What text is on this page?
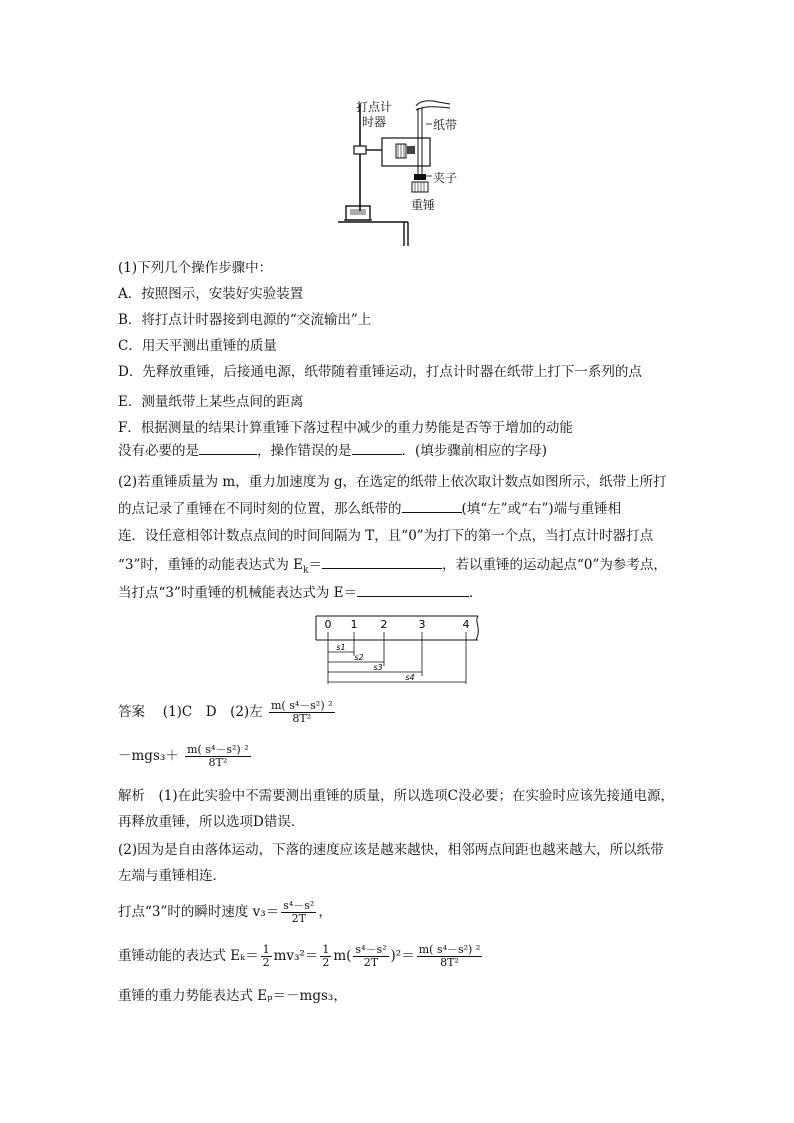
打点计
时器	纸带
夹子
重锤
(1)下列几个操作步骤中：
A．按照图示，安装好实验装置
B．将打点计时器接到电源的“交流输出”上
C．用天平测出重锤的质量
D．先释放重锤，后接通电源，纸带随着重锤运动，打点计时器在纸带上打下一系列的点
E．测量纸带上某些点间的距离
F．根据测量的结果计算重锤下落过程中减少的重力势能是否等于增加的动能
没有必要的是	，操作错误的是	．(填步骤前相应的字母)
(2)若重锤质量为 m，重力加速度为 g，在选定的纸带上依次取计数点如图所示，纸带上所打
的点记录了重锤在不同时刻的位置，那么纸带的	(填“左”或“右”)端与重锤相
连．设任意相邻计数点点间的时间间隔为 T，且“0”为打下的第一个点，当打点计时器打点
“3”时，重锤的动能表达式为 $E_k=$	，若以重锤的运动起点“0”为参考点，
当打点“3”时重锤的机械能表达式为 E＝	．
0 1 2	3	4
s1
s2
s3
s4
答案　 (1)C　D　(2)左 $\frac{\text{m( s⁴－s²) ²}}{\text{8T²}}$
$-mgs_3+ \frac{\text{m( s⁴－s²) ²}}{\text{8T²}}$
解析　 (1)在此实验中不需要测出重锤的质量，所以选项C没必要；在实验时应该先接通电源，
再释放重锤，所以选项D错误．
(2)因为是自由落体运动，下落的速度应该是越来越快，相邻两点间距也越来越大，所以纸带
左端与重锤相连．
打点“3”时的瞬时速度 $v_3= \frac{\text{s⁴－s²}}{2T}$ ，
重锤动能的表达式 $E_k= \frac{1}{2} mv_3^2= \frac{1}{2} m( \frac{\text{s⁴－s²}}{2T} )^2= \frac{\text{m( s⁴－s²) ²}}{\text{8T²}}$
重锤的重力势能表达式 Eₚ＝－mgs₃，
